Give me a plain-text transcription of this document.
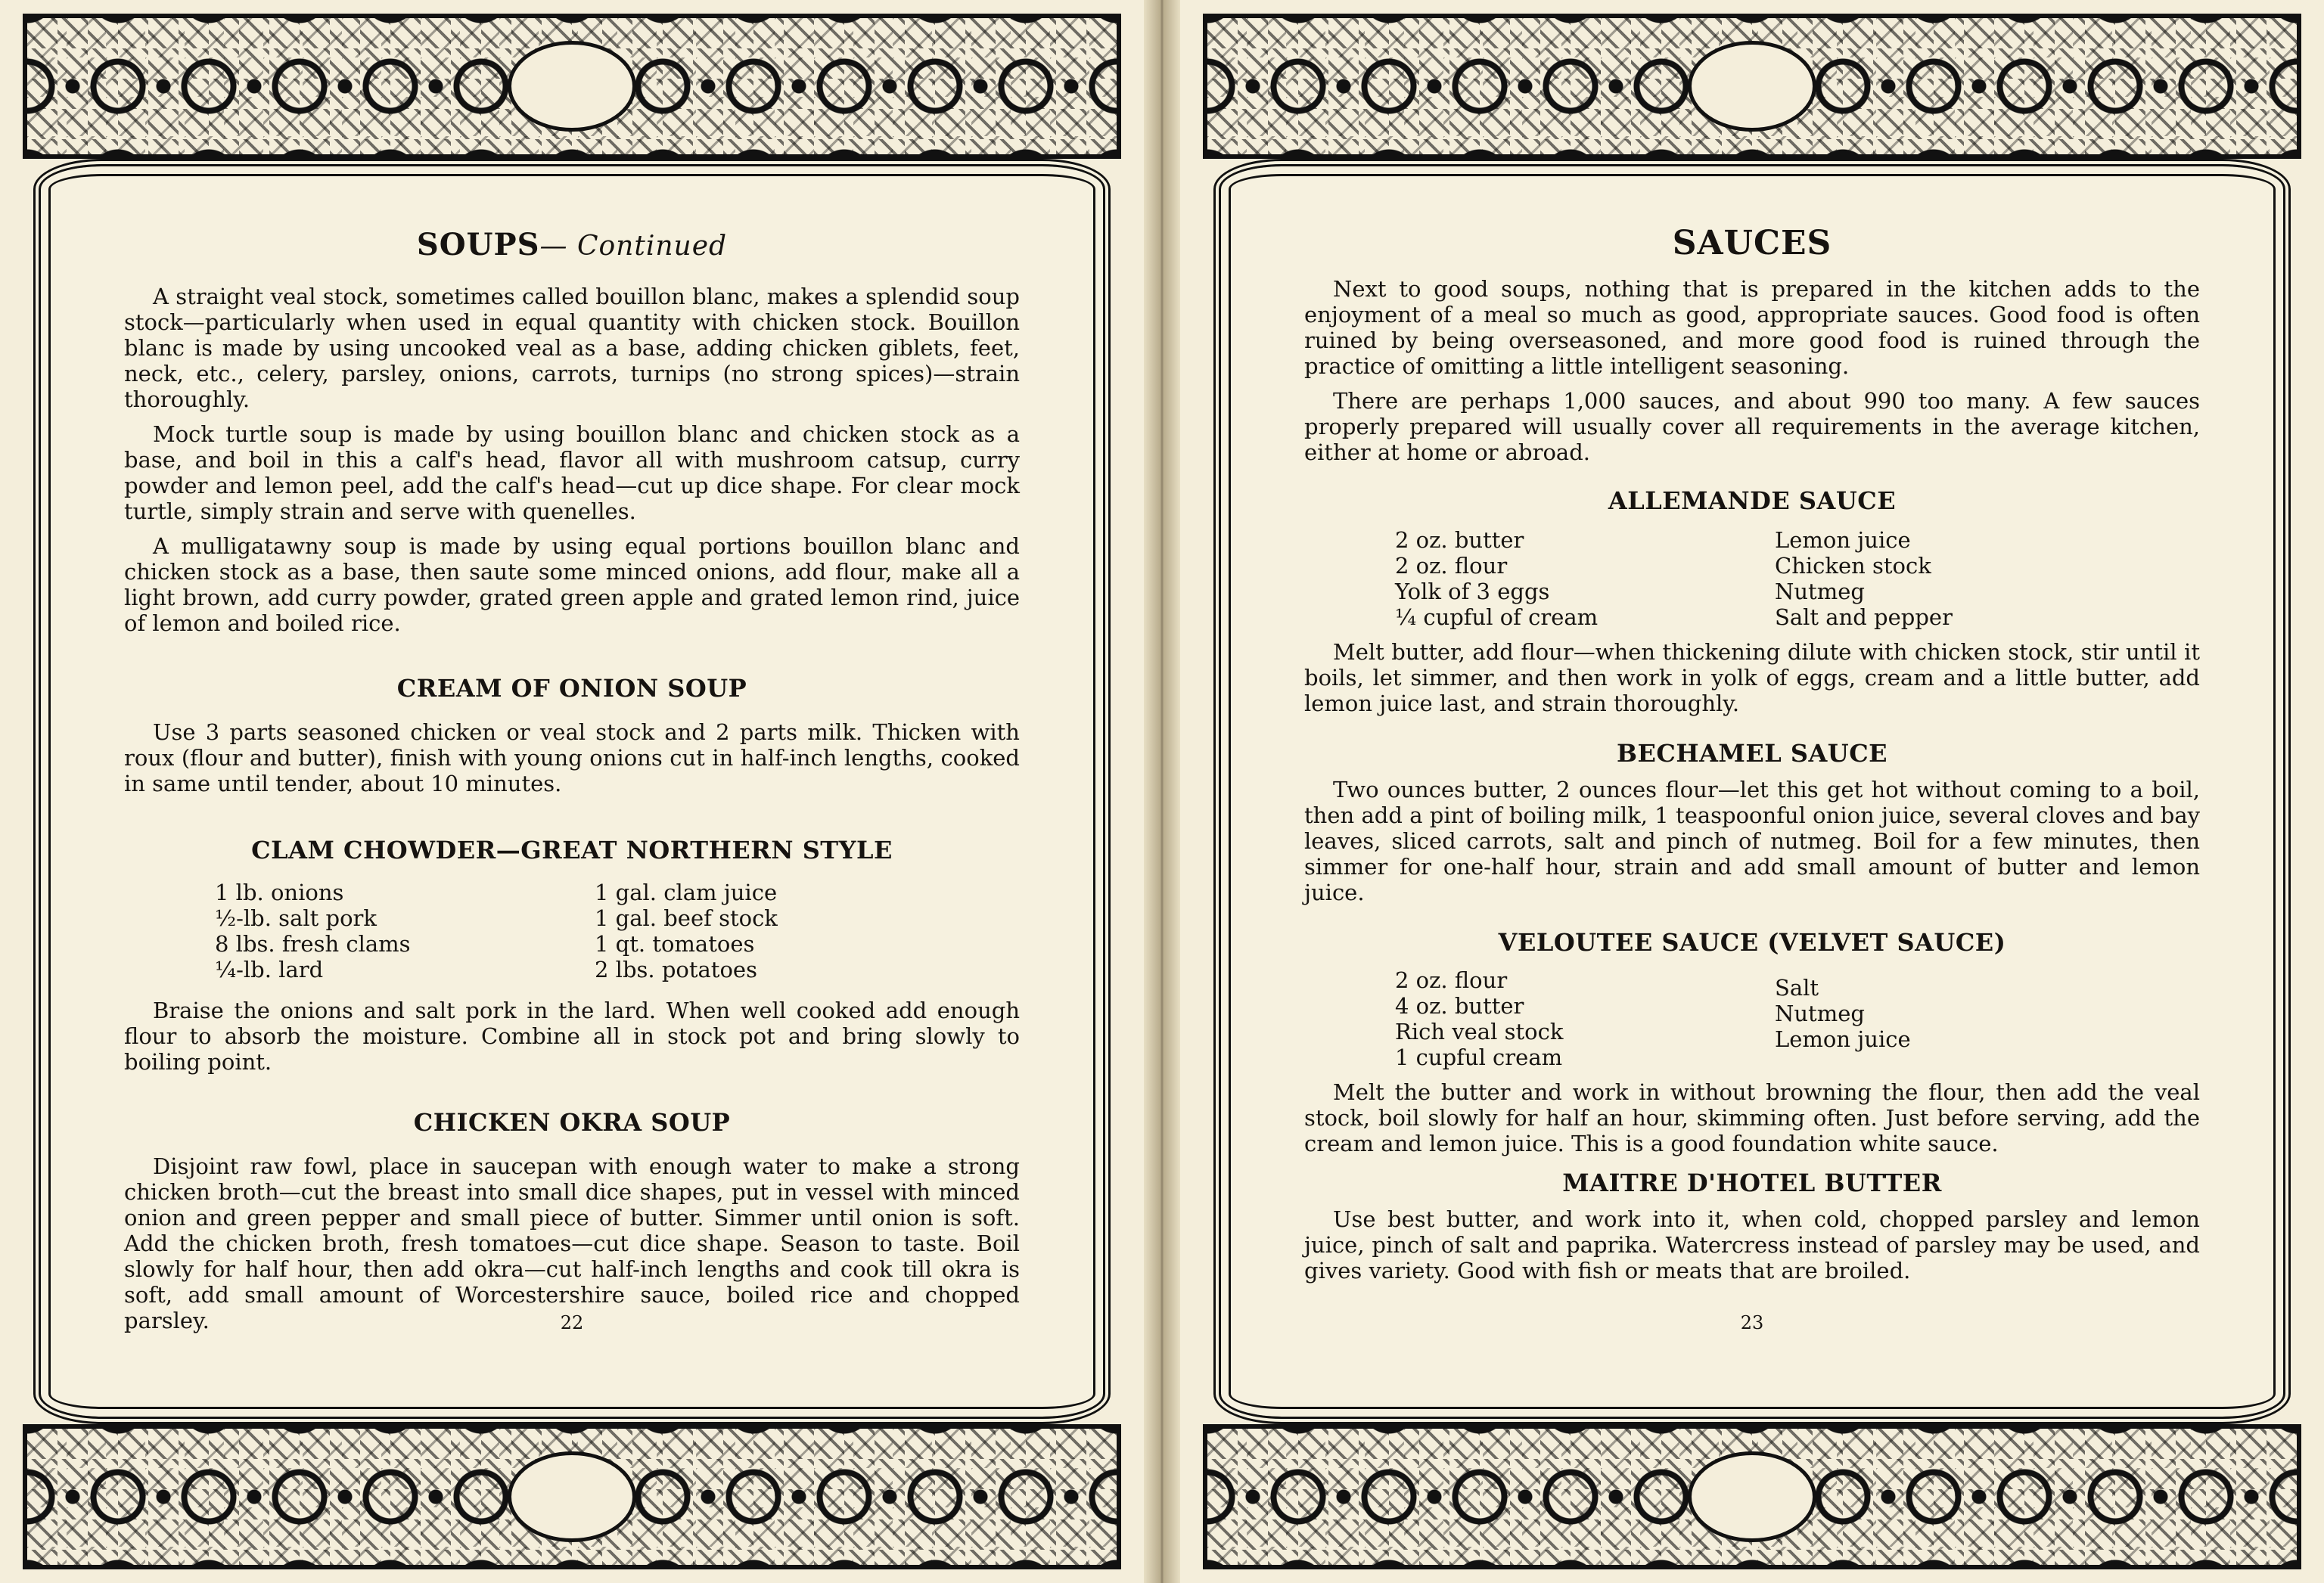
SOUPS— Continued

A straight veal stock, sometimes called bouillon blanc, makes a splendid soup stock—particularly when used in equal quantity with chicken stock. Bouillon blanc is made by using uncooked veal as a base, adding chicken giblets, feet, neck, etc., celery, parsley, onions, carrots, turnips (no strong spices)—strain thoroughly.

Mock turtle soup is made by using bouillon blanc and chicken stock as a base, and boil in this a calf's head, flavor all with mushroom catsup, curry powder and lemon peel, add the calf's head—cut up dice shape. For clear mock turtle, simply strain and serve with quenelles.

A mulligatawny soup is made by using equal portions bouillon blanc and chicken stock as a base, then saute some minced onions, add flour, make all a light brown, add curry powder, grated green apple and grated lemon rind, juice of lemon and boiled rice.

CREAM OF ONION SOUP

Use 3 parts seasoned chicken or veal stock and 2 parts milk. Thicken with roux (flour and butter), finish with young onions cut in half-inch lengths, cooked in same until tender, about 10 minutes.

CLAM CHOWDER—GREAT NORTHERN STYLE
1 lb. onions
½-lb. salt pork
8 lbs. fresh clams
¼-lb. lard
1 gal. clam juice
1 gal. beef stock
1 qt. tomatoes
2 lbs. potatoes

Braise the onions and salt pork in the lard. When well cooked add enough flour to absorb the moisture. Combine all in stock pot and bring slowly to boiling point.

CHICKEN OKRA SOUP

Disjoint raw fowl, place in saucepan with enough water to make a strong chicken broth—cut the breast into small dice shapes, put in vessel with minced onion and green pepper and small piece of butter. Simmer until onion is soft. Add the chicken broth, fresh tomatoes—cut dice shape. Season to taste. Boil slowly for half hour, then add okra—cut half-inch lengths and cook till okra is soft, add small amount of Worcestershire sauce, boiled rice and chopped parsley.	22
SAUCES

Next to good soups, nothing that is prepared in the kitchen adds to the enjoyment of a meal so much as good, appropriate sauces. Good food is often ruined by being overseasoned, and more good food is ruined through the practice of omitting a little intelligent seasoning.

There are perhaps 1,000 sauces, and about 990 too many. A few sauces properly prepared will usually cover all requirements in the average kitchen, either at home or abroad.

ALLEMANDE SAUCE
2 oz. butter
2 oz. flour
Yolk of 3 eggs
¼ cupful of cream
Lemon juice
Chicken stock
Nutmeg
Salt and pepper

Melt butter, add flour—when thickening dilute with chicken stock, stir until it boils, let simmer, and then work in yolk of eggs, cream and a little butter, add lemon juice last, and strain thoroughly.

BECHAMEL SAUCE

Two ounces butter, 2 ounces flour—let this get hot without coming to a boil, then add a pint of boiling milk, 1 teaspoonful onion juice, several cloves and bay leaves, sliced carrots, salt and pinch of nutmeg. Boil for a few minutes, then simmer for one-half hour, strain and add small amount of butter and lemon juice.

VELOUTEE SAUCE (VELVET SAUCE)
2 oz. flour
4 oz. butter
Rich veal stock
1 cupful cream
Salt
Nutmeg
Lemon juice

Melt the butter and work in without browning the flour, then add the veal stock, boil slowly for half an hour, skimming often. Just before serving, add the cream and lemon juice. This is a good foundation white sauce.

MAITRE D'HOTEL BUTTER

Use best butter, and work into it, when cold, chopped parsley and lemon juice, pinch of salt and paprika. Watercress instead of parsley may be used, and gives variety. Good with fish or meats that are broiled.

23
